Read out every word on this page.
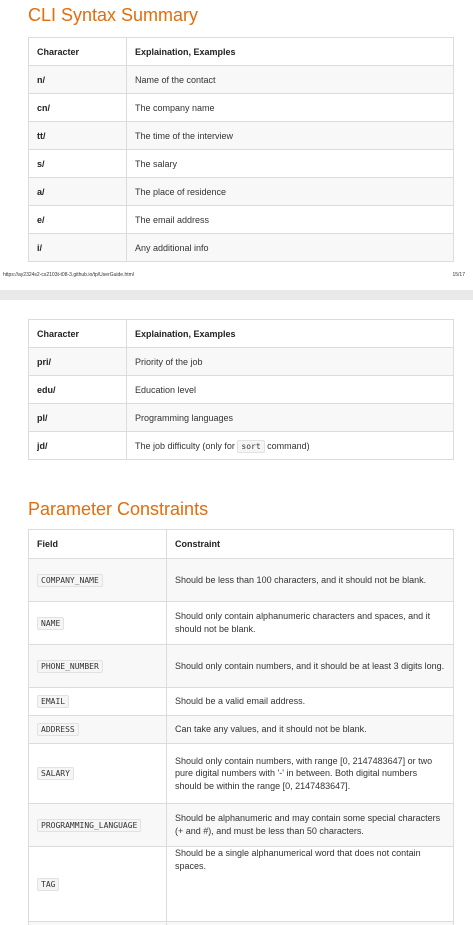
CLI Syntax Summary
Character	Explaination, Examples
n/	Name of the contact
cn/	The company name
tt/	The time of the interview
s/	The salary
a/	The place of residence
e/	The email address
i/	Any additional info
https://ay2324s2-cs2103t-t08-3.github.io/tp/UserGuide.html	15/17
Character	Explaination, Examples
pri/	Priority of the job
edu/	Education level
pl/	Programming languages
jd/	The job difficulty (only for sort command)
Parameter Constraints
Field	Constraint
COMPANY_NAME	Should be less than 100 characters, and it should not be blank.
NAME	Should only contain alphanumeric characters and spaces, and it should not be blank.
PHONE_NUMBER	Should only contain numbers, and it should be at least 3 digits long.
EMAIL	Should be a valid email address.
ADDRESS	Can take any values, and it should not be blank.
SALARY	Should only contain numbers, with range [0, 2147483647] or two pure digital numbers with '-' in between. Both digital numbers should be within the range [0, 2147483647].
PROGRAMMING_LANGUAGE	Should be alphanumeric and may contain some special characters (+ and #), and must be less than 50 characters.
TAG	Should be a single alphanumerical word that does not contain spaces.
